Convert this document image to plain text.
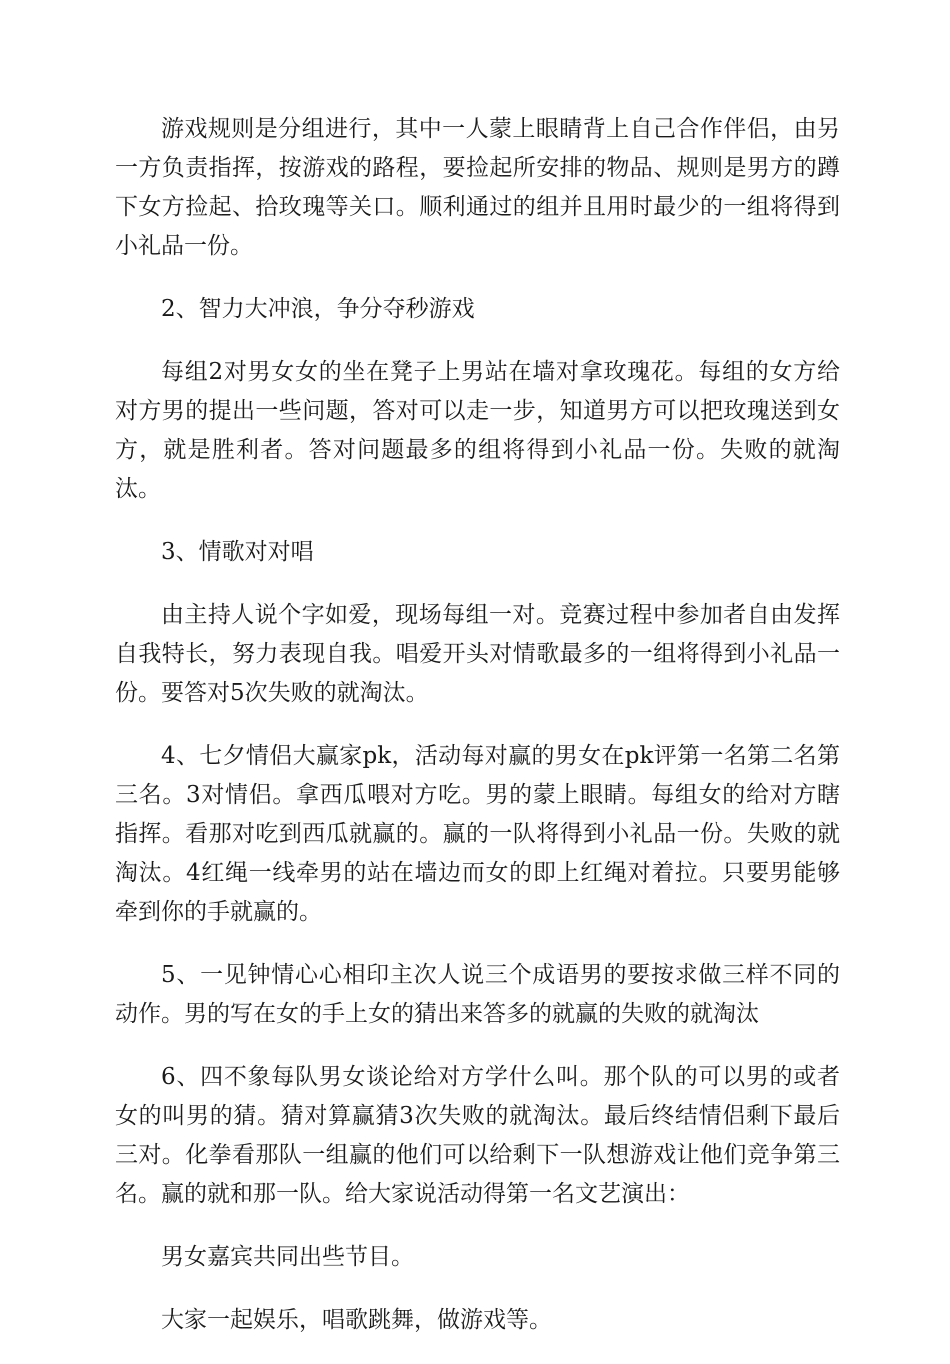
游戏规则是分组进行，其中一人蒙上眼睛背上自己合作伴侣，由另一方负责指挥，按游戏的路程，要捡起所安排的物品、规则是男方的蹲下女方捡起、拾玫瑰等关口。顺利通过的组并且用时最少的一组将得到小礼品一份。

2、智力大冲浪，争分夺秒游戏

每组2对男女女的坐在凳子上男站在墙对拿玫瑰花。每组的女方给对方男的提出一些问题，答对可以走一步，知道男方可以把玫瑰送到女方，就是胜利者。答对问题最多的组将得到小礼品一份。失败的就淘汰。

3、情歌对对唱

由主持人说个字如爱，现场每组一对。竞赛过程中参加者自由发挥自我特长，努力表现自我。唱爱开头对情歌最多的一组将得到小礼品一份。要答对5次失败的就淘汰。

4、七夕情侣大赢家pk，活动每对赢的男女在pk评第一名第二名第三名。3对情侣。拿西瓜喂对方吃。男的蒙上眼睛。每组女的给对方瞎指挥。看那对吃到西瓜就赢的。赢的一队将得到小礼品一份。失败的就淘汰。4红绳一线牵男的站在墙边而女的即上红绳对着拉。只要男能够牵到你的手就赢的。

5、一见钟情心心相印主次人说三个成语男的要按求做三样不同的动作。男的写在女的手上女的猜出来答多的就赢的失败的就淘汰

6、四不象每队男女谈论给对方学什么叫。那个队的可以男的或者女的叫男的猜。猜对算赢猜3次失败的就淘汰。最后终结情侣剩下最后三对。化拳看那队一组赢的他们可以给剩下一队想游戏让他们竞争第三名。赢的就和那一队。给大家说活动得第一名文艺演出：

男女嘉宾共同出些节目。

大家一起娱乐，唱歌跳舞，做游戏等。
